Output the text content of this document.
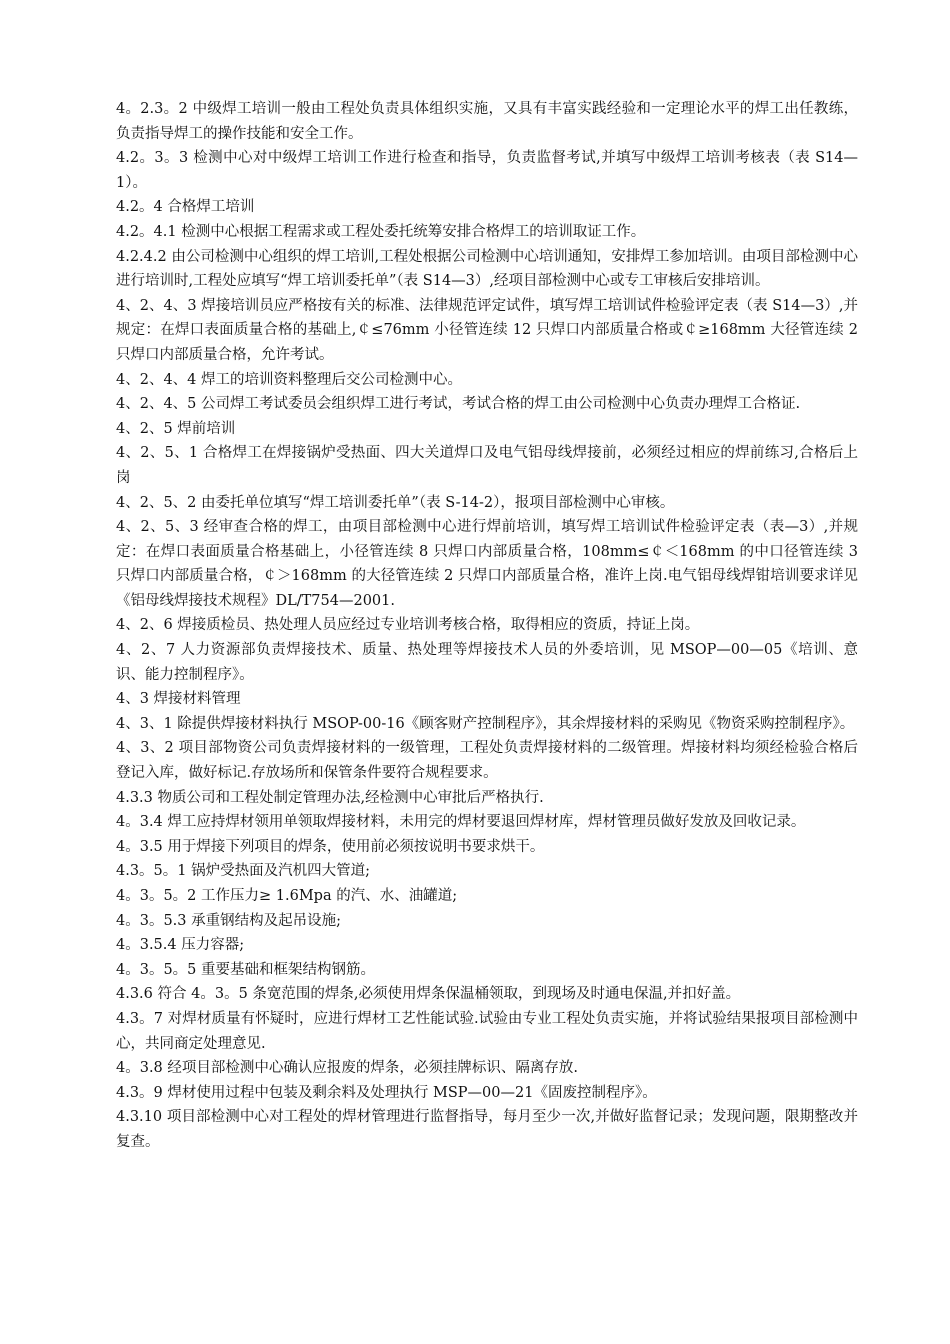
4。2.3。2 中级焊工培训一般由工程处负责具体组织实施，又具有丰富实践经验和一定理论水平的焊工出任教练，负责指导焊工的操作技能和安全工作。

4.2。3。3 检测中心对中级焊工培训工作进行检查和指导，负责监督考试,并填写中级焊工培训考核表（表 S14—1）。

4.2。4 合格焊工培训

4.2。4.1 检测中心根据工程需求或工程处委托统筹安排合格焊工的培训取证工作。

4.2.4.2 由公司检测中心组织的焊工培训,工程处根据公司检测中心培训通知，安排焊工参加培训。由项目部检测中心进行培训时,工程处应填写“焊工培训委托单”（表 S14—3）,经项目部检测中心或专工审核后安排培训。

4、2、4、3 焊接培训员应严格按有关的标准、法律规范评定试件，填写焊工培训试件检验评定表（表 S14—3）,并规定：在焊口表面质量合格的基础上,￠≤76mm 小径管连续 12 只焊口内部质量合格或￠≥168mm 大径管连续 2 只焊口内部质量合格，允许考试。

4、2、4、4 焊工的培训资料整理后交公司检测中心。

4、2、4、5 公司焊工考试委员会组织焊工进行考试，考试合格的焊工由公司检测中心负责办理焊工合格证.

4、2、5 焊前培训

4、2、5、1 合格焊工在焊接锅炉受热面、四大关道焊口及电气铝母线焊接前，必须经过相应的焊前练习,合格后上岗

4、2、5、2 由委托单位填写“焊工培训委托单”（表 S-14-2），报项目部检测中心审核。

4、2、5、3 经审查合格的焊工，由项目部检测中心进行焊前培训，填写焊工培训试件检验评定表（表—3）,并规定：在焊口表面质量合格基础上，小径管连续 8 只焊口内部质量合格，108mm≤￠＜168mm 的中口径管连续 3 只焊口内部质量合格，￠＞168mm 的大径管连续 2 只焊口内部质量合格，准许上岗.电气铝母线焊钳培训要求详见《铝母线焊接技术规程》DL/T754—2001.

4、2、6 焊接质检员、热处理人员应经过专业培训考核合格，取得相应的资质，持证上岗。

4、2、7 人力资源部负责焊接技术、质量、热处理等焊接技术人员的外委培训，见 MSOP—00—05《培训、意识、能力控制程序》。

4、3 焊接材料管理

4、3、1 除提供焊接材料执行 MSOP-00-16《顾客财产控制程序》，其余焊接材料的采购见《物资采购控制程序》。

4、3、2 项目部物资公司负责焊接材料的一级管理，工程处负责焊接材料的二级管理。焊接材料均须经检验合格后登记入库，做好标记.存放场所和保管条件要符合规程要求。

4.3.3 物质公司和工程处制定管理办法,经检测中心审批后严格执行.

4。3.4 焊工应持焊材领用单领取焊接材料，未用完的焊材要退回焊材库，焊材管理员做好发放及回收记录。

4。3.5 用于焊接下列项目的焊条，使用前必须按说明书要求烘干。

4.3。5。1 锅炉受热面及汽机四大管道;

4。3。5。2 工作压力≥ 1.6Mpa 的汽、水、油罐道;

4。3。5.3 承重钢结构及起吊设施;

4。3.5.4 压力容器;

4。3。5。5 重要基础和框架结构钢筋。

4.3.6 符合 4。3。5 条宽范围的焊条,必须使用焊条保温桶领取，到现场及时通电保温,并扣好盖。

4.3。7 对焊材质量有怀疑时，应进行焊材工艺性能试验.试验由专业工程处负责实施，并将试验结果报项目部检测中心，共同商定处理意见.

4。3.8 经项目部检测中心确认应报废的焊条，必须挂牌标识、隔离存放.

4.3。9 焊材使用过程中包装及剩余料及处理执行 MSP—00—21《固废控制程序》。

4.3.10 项目部检测中心对工程处的焊材管理进行监督指导，每月至少一次,并做好监督记录；发现问题，限期整改并复查。
